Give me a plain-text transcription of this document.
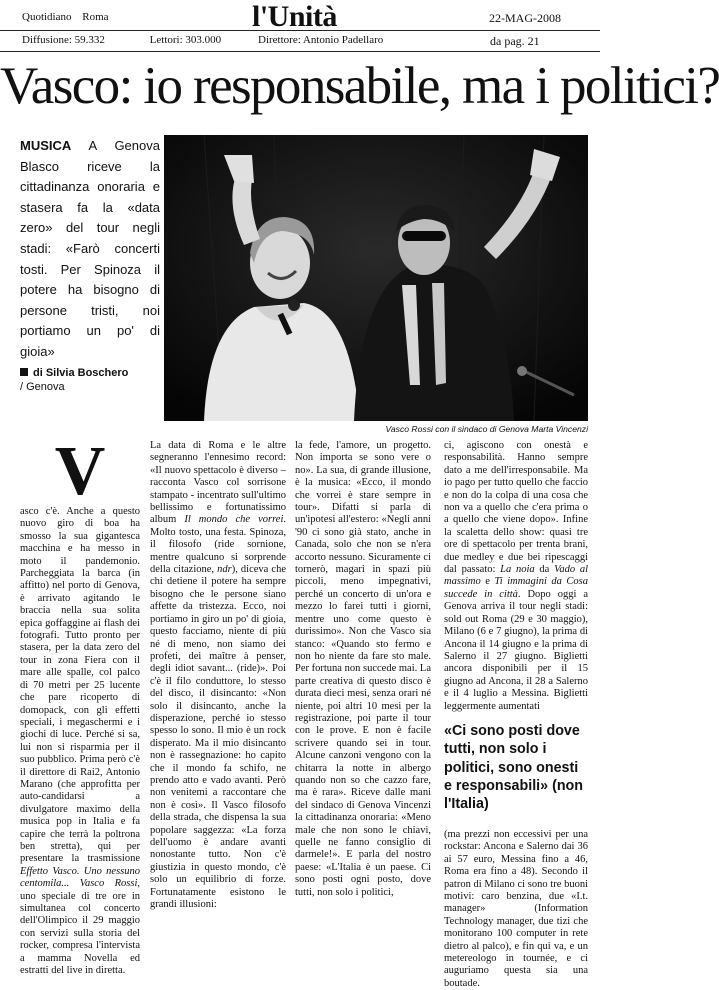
Quotidiano Roma
Diffusione: 59.332	Lettori: 303.000
l'Unità
Direttore: Antonio Padellaro
22-MAG-2008
da pag. 21
Vasco: io responsabile, ma i politici?
MUSICA A Genova Blasco riceve la cittadinanza onoraria e stasera fa la «data zero» del tour negli stadi: «Farò concerti tosti. Per Spinoza il potere ha bisogno di persone tristi, noi portiamo un po' di gioia»
di Silvia Boschero
/ Genova
Vasco Rossi con il sindaco di Genova Marta Vincenzi
V
asco c'è. Anche a questo nuovo giro di boa ha smosso la sua gigantesca macchina e ha messo in moto il pandemonio. Parcheggiata la barca (in affitto) nel porto di Genova, è arrivato agitando le braccia nella sua solita epica goffaggine ai flash dei fotografi. Tutto pronto per stasera, per la data zero del tour in zona Fiera con il mare alle spalle, col palco di 70 metri per 25 lucente che pare ricoperto di domopack, con gli effetti speciali, i megaschermi e i giochi di luce. Perché si sa, lui non si risparmia per il suo pubblico. Prima però c'è il direttore di Rai2, Antonio Marano (che approfitta per auto-candidarsi a divulgatore maximo della musica pop in Italia e fa capire che terrà la poltrona ben stretta), qui per presentare la trasmissione Effetto Vasco. Uno nessuno centomila... Vasco Rossi, uno speciale di tre ore in simultanea col concerto dell'Olimpico il 29 maggio con servizi sulla storia del rocker, compresa l'intervista a mamma Novella ed estratti del live in diretta.
La data di Roma e le altre segneranno l'ennesimo record: «Il nuovo spettacolo è diverso – racconta Vasco col sorrisone stampato - incentrato sull'ultimo bellissimo e fortunatissimo album Il mondo che vorrei. Molto tosto, una festa. Spinoza, il filosofo (ride sornione, mentre qualcuno si sorprende della citazione, ndr), diceva che chi detiene il potere ha sempre bisogno che le persone siano affette da tristezza. Ecco, noi portiamo in giro un po' di gioia, questo facciamo, niente di più né di meno, non siamo dei profeti, dei maître à penser, degli idiot savant... (ride)». Poi c'è il filo conduttore, lo stesso del disco, il disincanto: «Non solo il disincanto, anche la disperazione, perché io stesso spesso lo sono. Il mio è un rock disperato. Ma il mio disincanto non è rassegnazione: ho capito che il mondo fa schifo, ne prendo atto e vado avanti. Però non venitemi a raccontare che non è così». Il Vasco filosofo della strada, che dispensa la sua popolare saggezza: «La forza dell'uomo è andare avanti nonostante tutto. Non c'è giustizia in questo mondo, c'è solo un equilibrio di forze. Fortunatamente esistono le grandi illusioni:
la fede, l'amore, un progetto. Non importa se sono vere o no». La sua, di grande illusione, è la musica: «Ecco, il mondo che vorrei è stare sempre in tour». Difatti si parla di un'ipotesi all'estero: «Negli anni '90 ci sono già stato, anche in Canada, solo che non se n'era accorto nessuno. Sicuramente ci tornerò, magari in spazi più piccoli, meno impegnativi, perché un concerto di un'ora e mezzo lo farei tutti i giorni, mentre uno come questo è durissimo». Non che Vasco sia stanco: «Quando sto fermo e non ho niente da fare sto male. Per fortuna non succede mai. La parte creativa di questo disco è durata dieci mesi, senza orari né niente, poi altri 10 mesi per la registrazione, poi parte il tour con le prove. E non è facile scrivere quando sei in tour. Alcune canzoni vengono con la chitarra la notte in albergo quando non so che cazzo fare, ma è rara». Riceve dalle mani del sindaco di Genova Vincenzi la cittadinanza onoraria: «Meno male che non sono le chiavi, quelle ne fanno consiglio di darmele!». E parla del nostro paese: «L'Italia è un paese. Ci sono posti ogni posto, dove tutti, non solo i politici,
ci, agiscono con onestà e responsabilità. Hanno sempre dato a me dell'irresponsabile. Ma io pago per tutto quello che faccio e non do la colpa di una cosa che non va a quello che c'era prima o a quello che viene dopo». Infine la scaletta dello show: quasi tre ore di spettacolo per trenta brani, due medley e due bei ripescaggi dal passato: La noia da Vado al massimo e Ti immagini da Cosa succede in città. Dopo oggi a Genova arriva il tour negli stadi: sold out Roma (29 e 30 maggio), Milano (6 e 7 giugno), la prima di Ancona il 14 giugno e la prima di Salerno il 27 giugno. Biglietti ancora disponibili per il 15 giugno ad Ancona, il 28 a Salerno e il 4 luglio a Messina. Biglietti leggermente aumentati
«Ci sono posti dove tutti, non solo i politici, sono onesti e responsabili» (non l'Italia)
(ma prezzi non eccessivi per una rockstar: Ancona e Salerno dai 36 ai 57 euro, Messina fino a 46, Roma era fino a 48). Secondo il patron di Milano ci sono tre buoni motivi: caro benzina, due «I.t. manager» (Information Technology manager, due tizi che monitorano 100 computer in rete dietro al palco), e fin qui va, e un metereologo in tournée, e ci auguriamo questa sia una boutade.
